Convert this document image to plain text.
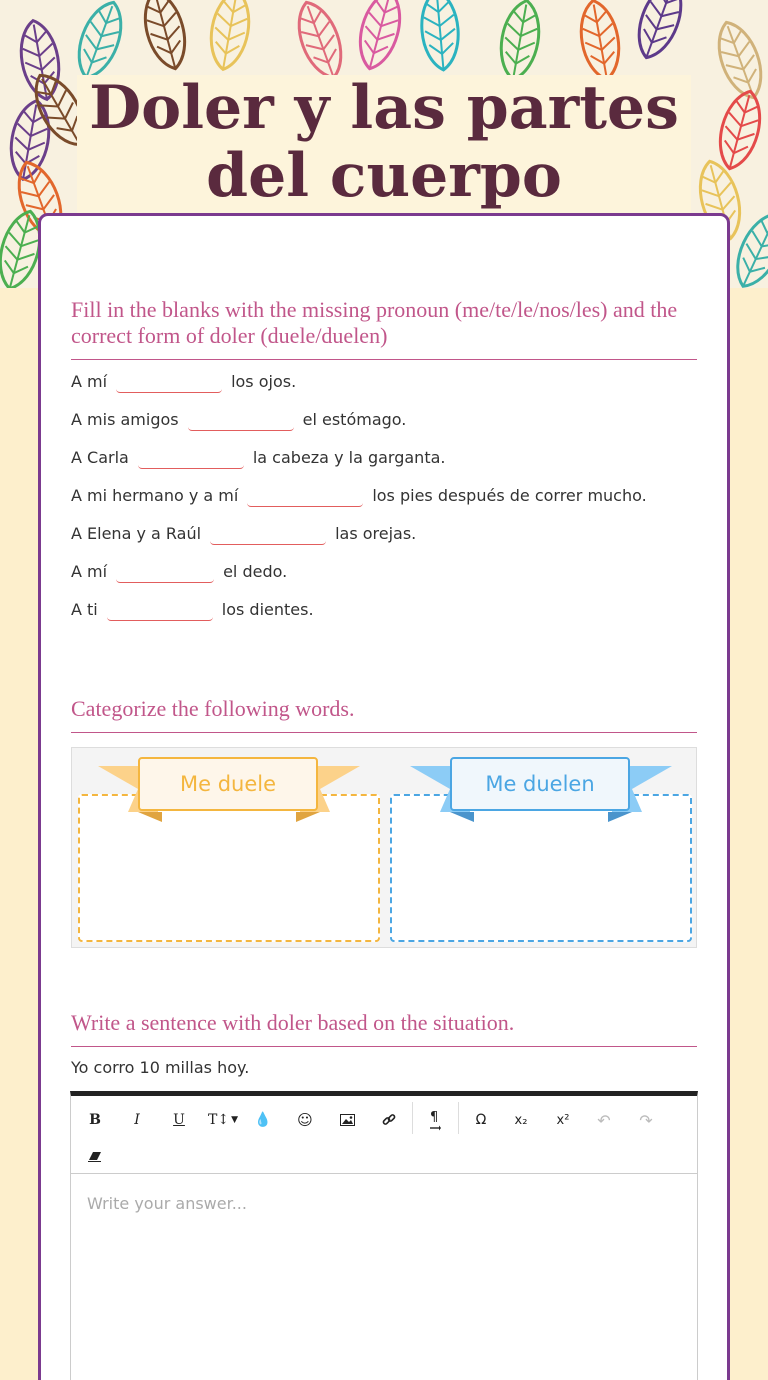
Doler y las partes del cuerpo
Fill in the blanks with the missing pronoun (me/te/le/nos/les) and the correct form of doler (duele/duelen)
A mí	los ojos.
A mis amigos	el estómago.
A Carla	la cabeza y la garganta.
A mi hermano y a mí	los pies después de correr mucho.
A Elena y a Raúl	las orejas.
A mí	el dedo.
A ti	los dientes.
Categorize the following words.
Me duele	Me duelen
Write a sentence with doler based on the situation.
Yo corro 10 millas hoy.
B	I	U	T↕ ▼	💧	☺	¶	Ω	x₂	x²	↶	↷
Write your answer...
